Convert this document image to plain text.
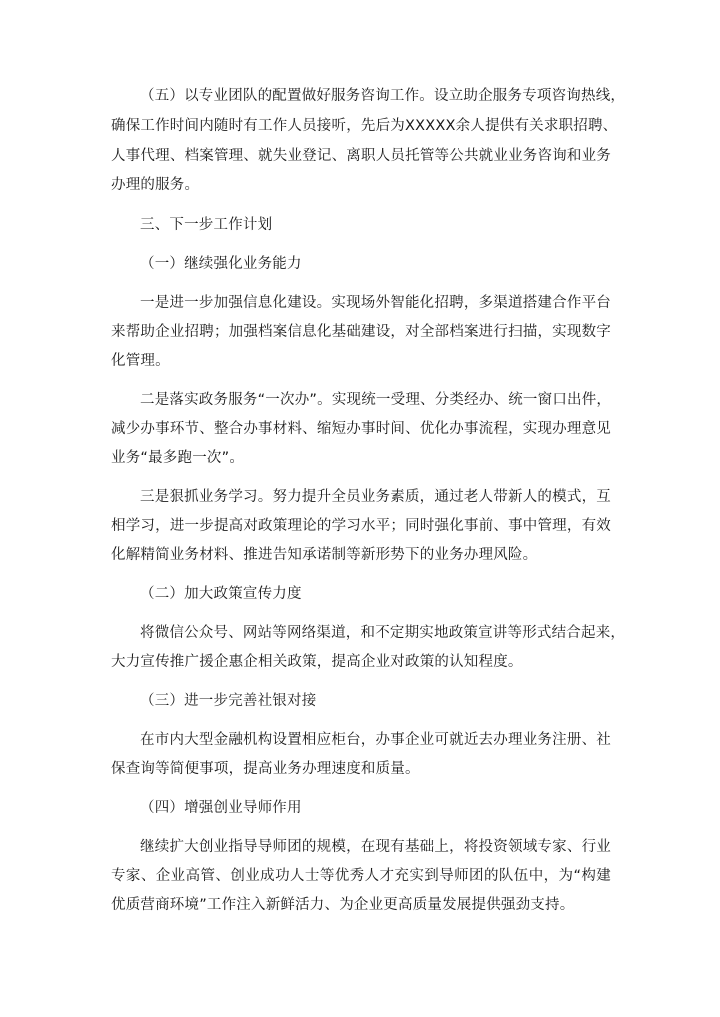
（五）以专业团队的配置做好服务咨询工作。设立助企服务专项咨询热线，
确保工作时间内随时有工作人员接听，先后为XXXXX余人提供有关求职招聘、
人事代理、档案管理、就失业登记、离职人员托管等公共就业业务咨询和业务
办理的服务。
三、下一步工作计划
（一）继续强化业务能力
一是进一步加强信息化建设。实现场外智能化招聘，多渠道搭建合作平台
来帮助企业招聘；加强档案信息化基础建设，对全部档案进行扫描，实现数字
化管理。
二是落实政务服务“一次办”。实现统一受理、分类经办、统一窗口出件，
减少办事环节、整合办事材料、缩短办事时间、优化办事流程，实现办理意见
业务“最多跑一次”。
三是狠抓业务学习。努力提升全员业务素质，通过老人带新人的模式，互
相学习，进一步提高对政策理论的学习水平；同时强化事前、事中管理，有效
化解精简业务材料、推进告知承诺制等新形势下的业务办理风险。
（二）加大政策宣传力度
将微信公众号、网站等网络渠道，和不定期实地政策宣讲等形式结合起来，
大力宣传推广援企惠企相关政策，提高企业对政策的认知程度。
（三）进一步完善社银对接
在市内大型金融机构设置相应柜台，办事企业可就近去办理业务注册、社
保查询等简便事项，提高业务办理速度和质量。
（四）增强创业导师作用
继续扩大创业指导导师团的规模，在现有基础上，将投资领域专家、行业
专家、企业高管、创业成功人士等优秀人才充实到导师团的队伍中，为“构建
优质营商环境”工作注入新鲜活力、为企业更高质量发展提供强劲支持。
